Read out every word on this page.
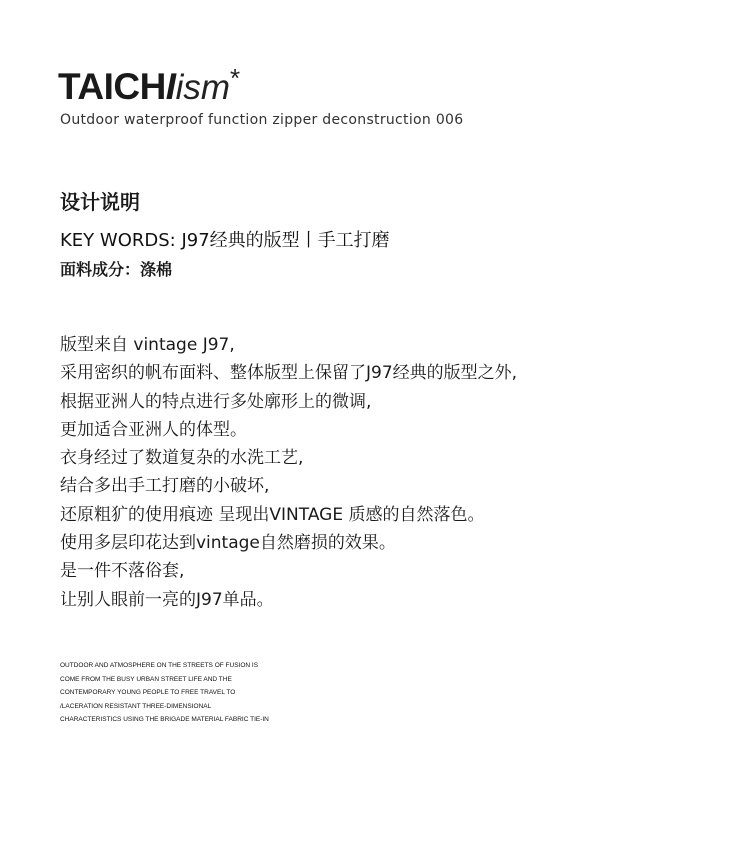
TAICH I ism *
Outdoor waterproof function zipper deconstruction 006
设计说明
KEY WORDS: J97经典的版型丨手工打磨
面料成分：涤棉
版型来自 vintage J97,
采用密织的帆布面料、整体版型上保留了J97经典的版型之外,
根据亚洲人的特点进行多处廓形上的微调,
更加适合亚洲人的体型。
衣身经过了数道复杂的水洗工艺,
结合多出手工打磨的小破坏,
还原粗犷的使用痕迹 呈现出VINTAGE 质感的自然落色。
使用多层印花达到vintage自然磨损的效果。
是一件不落俗套,
让别人眼前一亮的J97单品。
OUTDOOR AND ATMOSPHERE ON THE STREETS OF FUSION IS
COME FROM THE BUSY URBAN STREET LIFE AND THE
CONTEMPORARY YOUNG PEOPLE TO FREE TRAVEL TO
/LACERATION RESISTANT THREE-DIMENSIONAL
CHARACTERISTICS USING THE BRIGADE MATERIAL FABRIC TIE-IN
